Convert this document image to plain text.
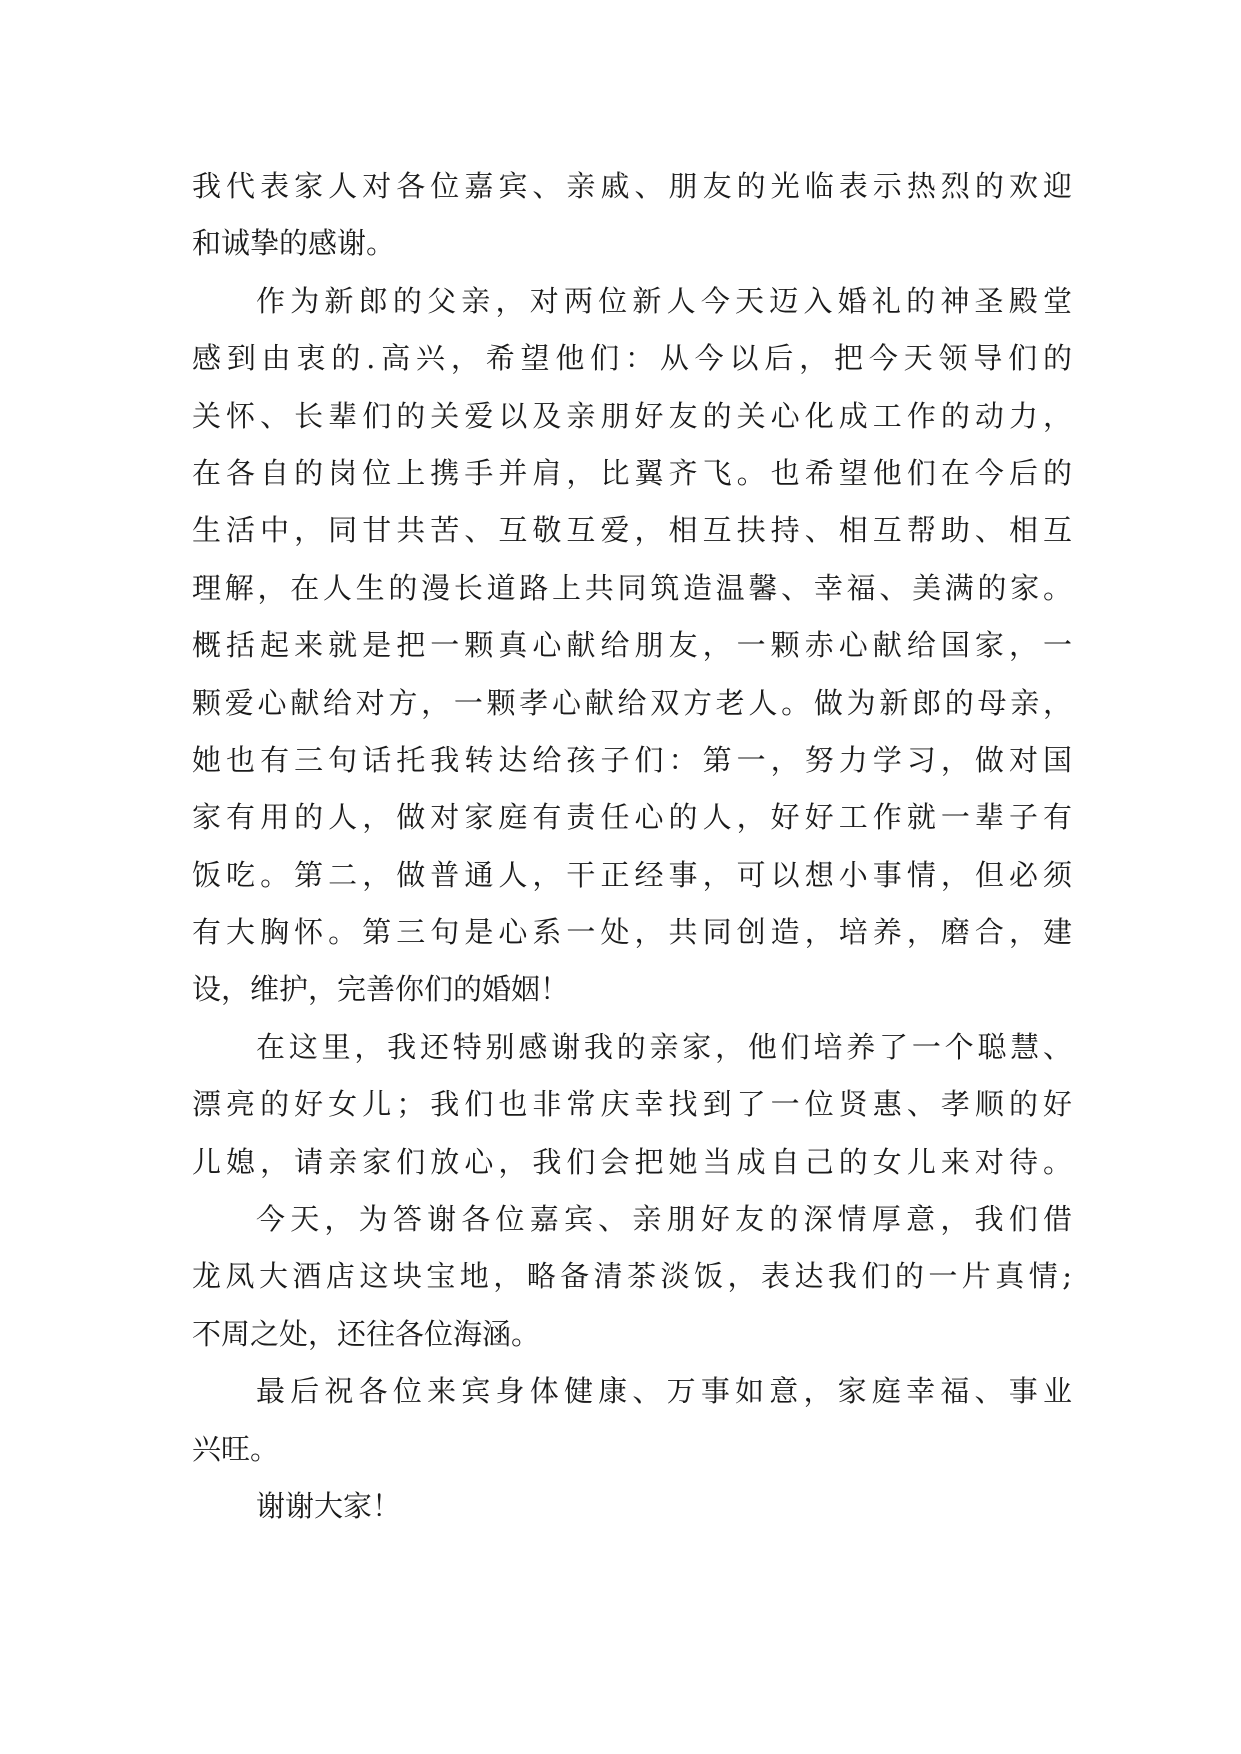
我代表家人对各位嘉宾、亲戚、朋友的光临表示热烈的欢迎
和诚挚的感谢。
作为新郎的父亲，对两位新人今天迈入婚礼的神圣殿堂
感到由衷的.高兴，希望他们：从今以后，把今天领导们的
关怀、长辈们的关爱以及亲朋好友的关心化成工作的动力，
在各自的岗位上携手并肩，比翼齐飞。也希望他们在今后的
生活中，同甘共苦、互敬互爱，相互扶持、相互帮助、相互
理解，在人生的漫长道路上共同筑造温馨、幸福、美满的家。
概括起来就是把一颗真心献给朋友，一颗赤心献给国家，一
颗爱心献给对方，一颗孝心献给双方老人。做为新郎的母亲，
她也有三句话托我转达给孩子们：第一，努力学习，做对国
家有用的人，做对家庭有责任心的人，好好工作就一辈子有
饭吃。第二，做普通人，干正经事，可以想小事情，但必须
有大胸怀。第三句是心系一处，共同创造，培养，磨合，建
设，维护，完善你们的婚姻！
在这里，我还特别感谢我的亲家，他们培养了一个聪慧、
漂亮的好女儿；我们也非常庆幸找到了一位贤惠、孝顺的好
儿媳，请亲家们放心，我们会把她当成自己的女儿来对待。
今天，为答谢各位嘉宾、亲朋好友的深情厚意，我们借
龙凤大酒店这块宝地，略备清茶淡饭，表达我们的一片真情;
不周之处，还往各位海涵。
最后祝各位来宾身体健康、万事如意，家庭幸福、事业
兴旺。
谢谢大家！
